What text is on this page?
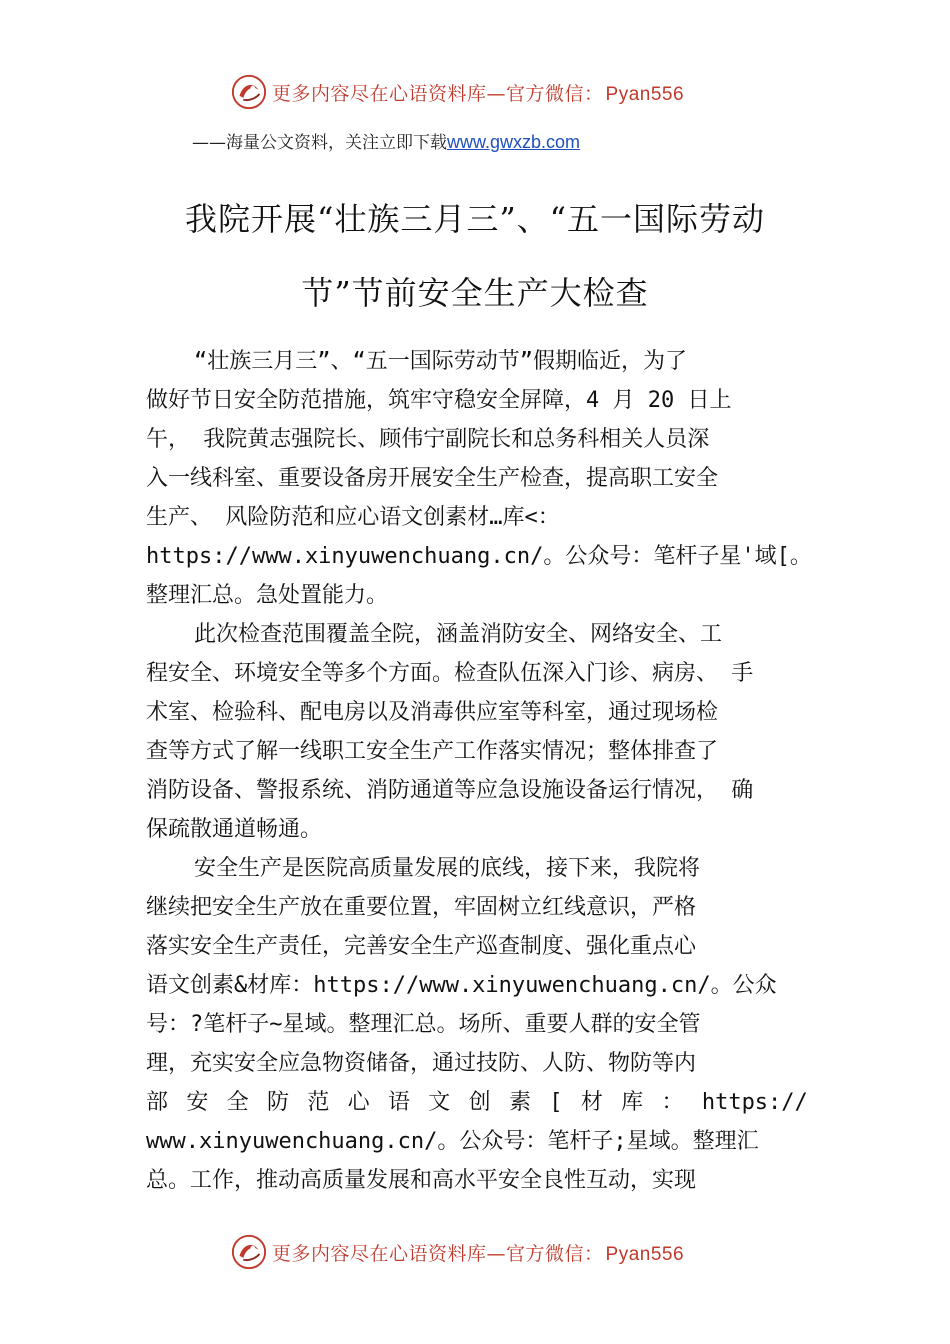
更多内容尽在心语资料库—官方微信： Pyan556
——海量公文资料，关注立即下载www.gwxzb.com
我院开展“壮族三月三”、“五一国际劳动
节”节前安全生产大检查
“壮族三月三”、“五一国际劳动节”假期临近，为了
做好节日安全防范措施，筑牢守稳安全屏障，4 月 20 日上
午， 我院黄志强院长、顾伟宁副院长和总务科相关人员深
入一线科室、重要设备房开展安全生产检查，提高职工安全
生产、 风险防范和应心语文创素材…库<：
https://www.xinyuwenchuang.cn/。公众号：笔杆子星'域[。
整理汇总。急处置能力。
此次检查范围覆盖全院，涵盖消防安全、网络安全、工
程安全、环境安全等多个方面。检查队伍深入门诊、病房、 手
术室、检验科、配电房以及消毒供应室等科室，通过现场检
查等方式了解一线职工安全生产工作落实情况；整体排查了
消防设备、警报系统、消防通道等应急设施设备运行情况， 确
保疏散通道畅通。
安全生产是医院高质量发展的底线，接下来，我院将
继续把安全生产放在重要位置，牢固树立红线意识，严格
落实安全生产责任，完善安全生产巡查制度、强化重点心
语文创素&材库：https://www.xinyuwenchuang.cn/。公众
号：?笔杆子~星域。整理汇总。场所、重要人群的安全管
理，充实安全应急物资储备，通过技防、人防、物防等内
部 安 全 防 范 心 语 文 创 素 [ 材 库 ： https://
www.xinyuwenchuang.cn/。公众号：笔杆子;星域。整理汇
总。工作，推动高质量发展和高水平安全良性互动，实现
更多内容尽在心语资料库—官方微信： Pyan556
